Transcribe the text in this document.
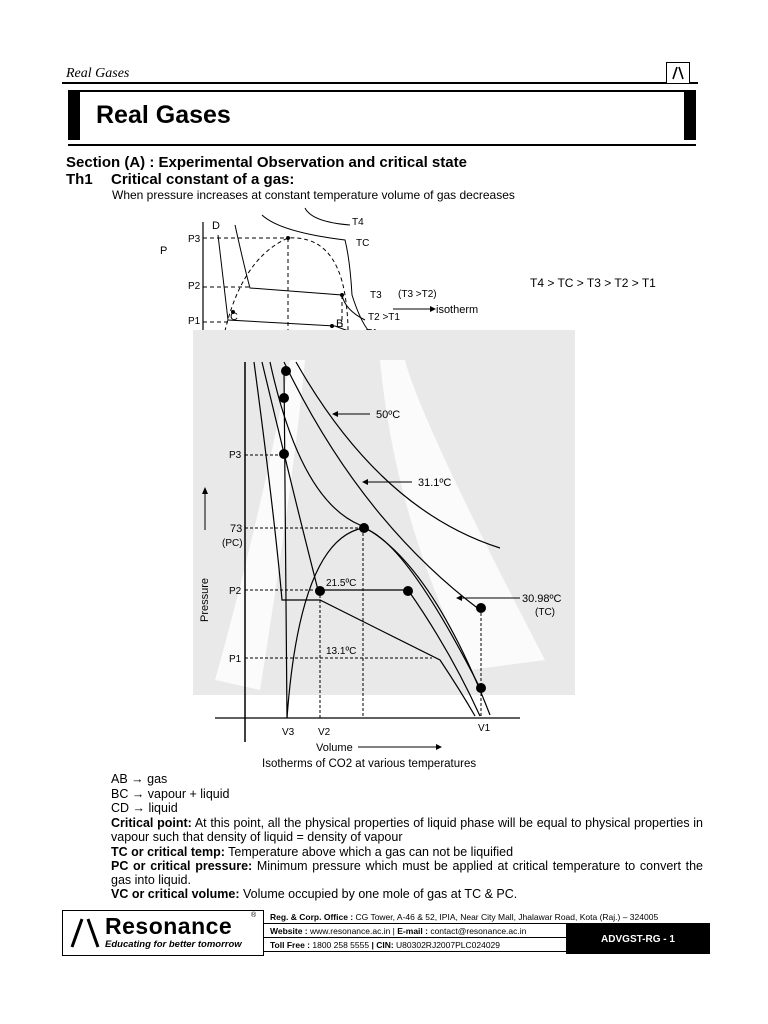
Real Gases
Real Gases
Section (A) : Experimental Observation and critical state
Th1 Critical constant of a gas:
When pressure increases at constant temperature volume of gas decreases
P
P3
P2
P1
T4
TC
T3 (T3 >T2)
T2 >T1
D
C
B
isotherm
T4 > TC > T3 > T2 > T1
50ºC
31.1ºC
30.98ºC
(TC)
21.5ºC
13.1ºC
P3
73
(PC)
P2
P1
Pressure
Volume
V3 V2	V1
Isotherms of CO2 at various temperatures
AB → gas
BC → vapour + liquid
CD → liquid
Critical point: At this point, all the physical properties of liquid phase will be equal to physical properties in vapour such that density of liquid = density of vapour
TC or critical temp: Temperature above which a gas can not be liquified
PC or critical pressure: Minimum pressure which must be applied at critical temperature to convert the gas into liquid.
VC or critical volume: Volume occupied by one mole of gas at TC & PC.
Resonance	®
Educating for better tomorrow
Reg. & Corp. Office : CG Tower, A-46 & 52, IPIA, Near City Mall, Jhalawar Road, Kota (Raj.) – 324005
Website : www.resonance.ac.in | E-mail : contact@resonance.ac.in
Toll Free : 1800 258 5555 | CIN: U80302RJ2007PLC024029
ADVGST-RG - 1
